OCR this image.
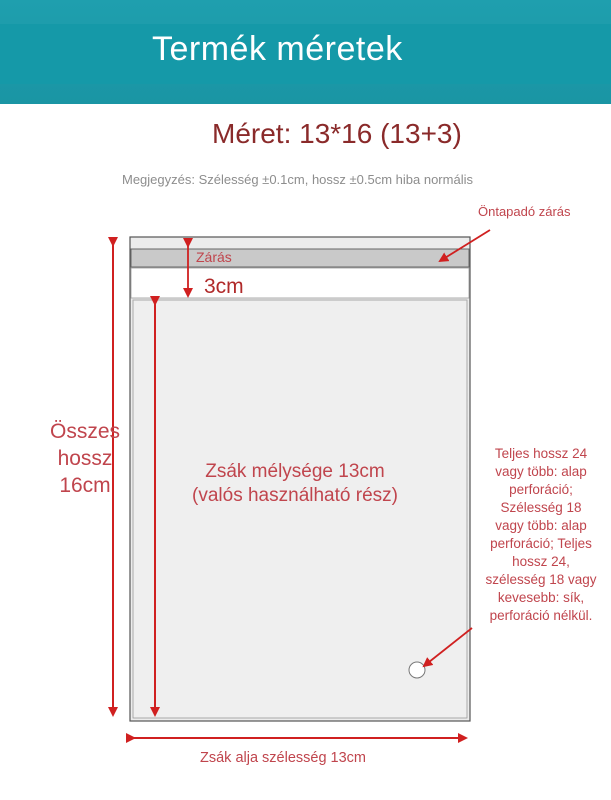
Termék méretek
Méret: 13*16 (13+3)
Megjegyzés: Szélesség ±0.1cm, hossz ±0.5cm hiba normális
Öntapadó zárás
Zárás
3cm
Összes
hossz
16cm
Zsák mélysége 13cm
(valós használható rész)
Teljes hossz 24
vagy több: alap
perforáció;
Szélesség 18
vagy több: alap
perforáció; Teljes
hossz 24,
szélesség 18 vagy
kevesebb: sík,
perforáció nélkül.
Zsák alja szélesség 13cm
